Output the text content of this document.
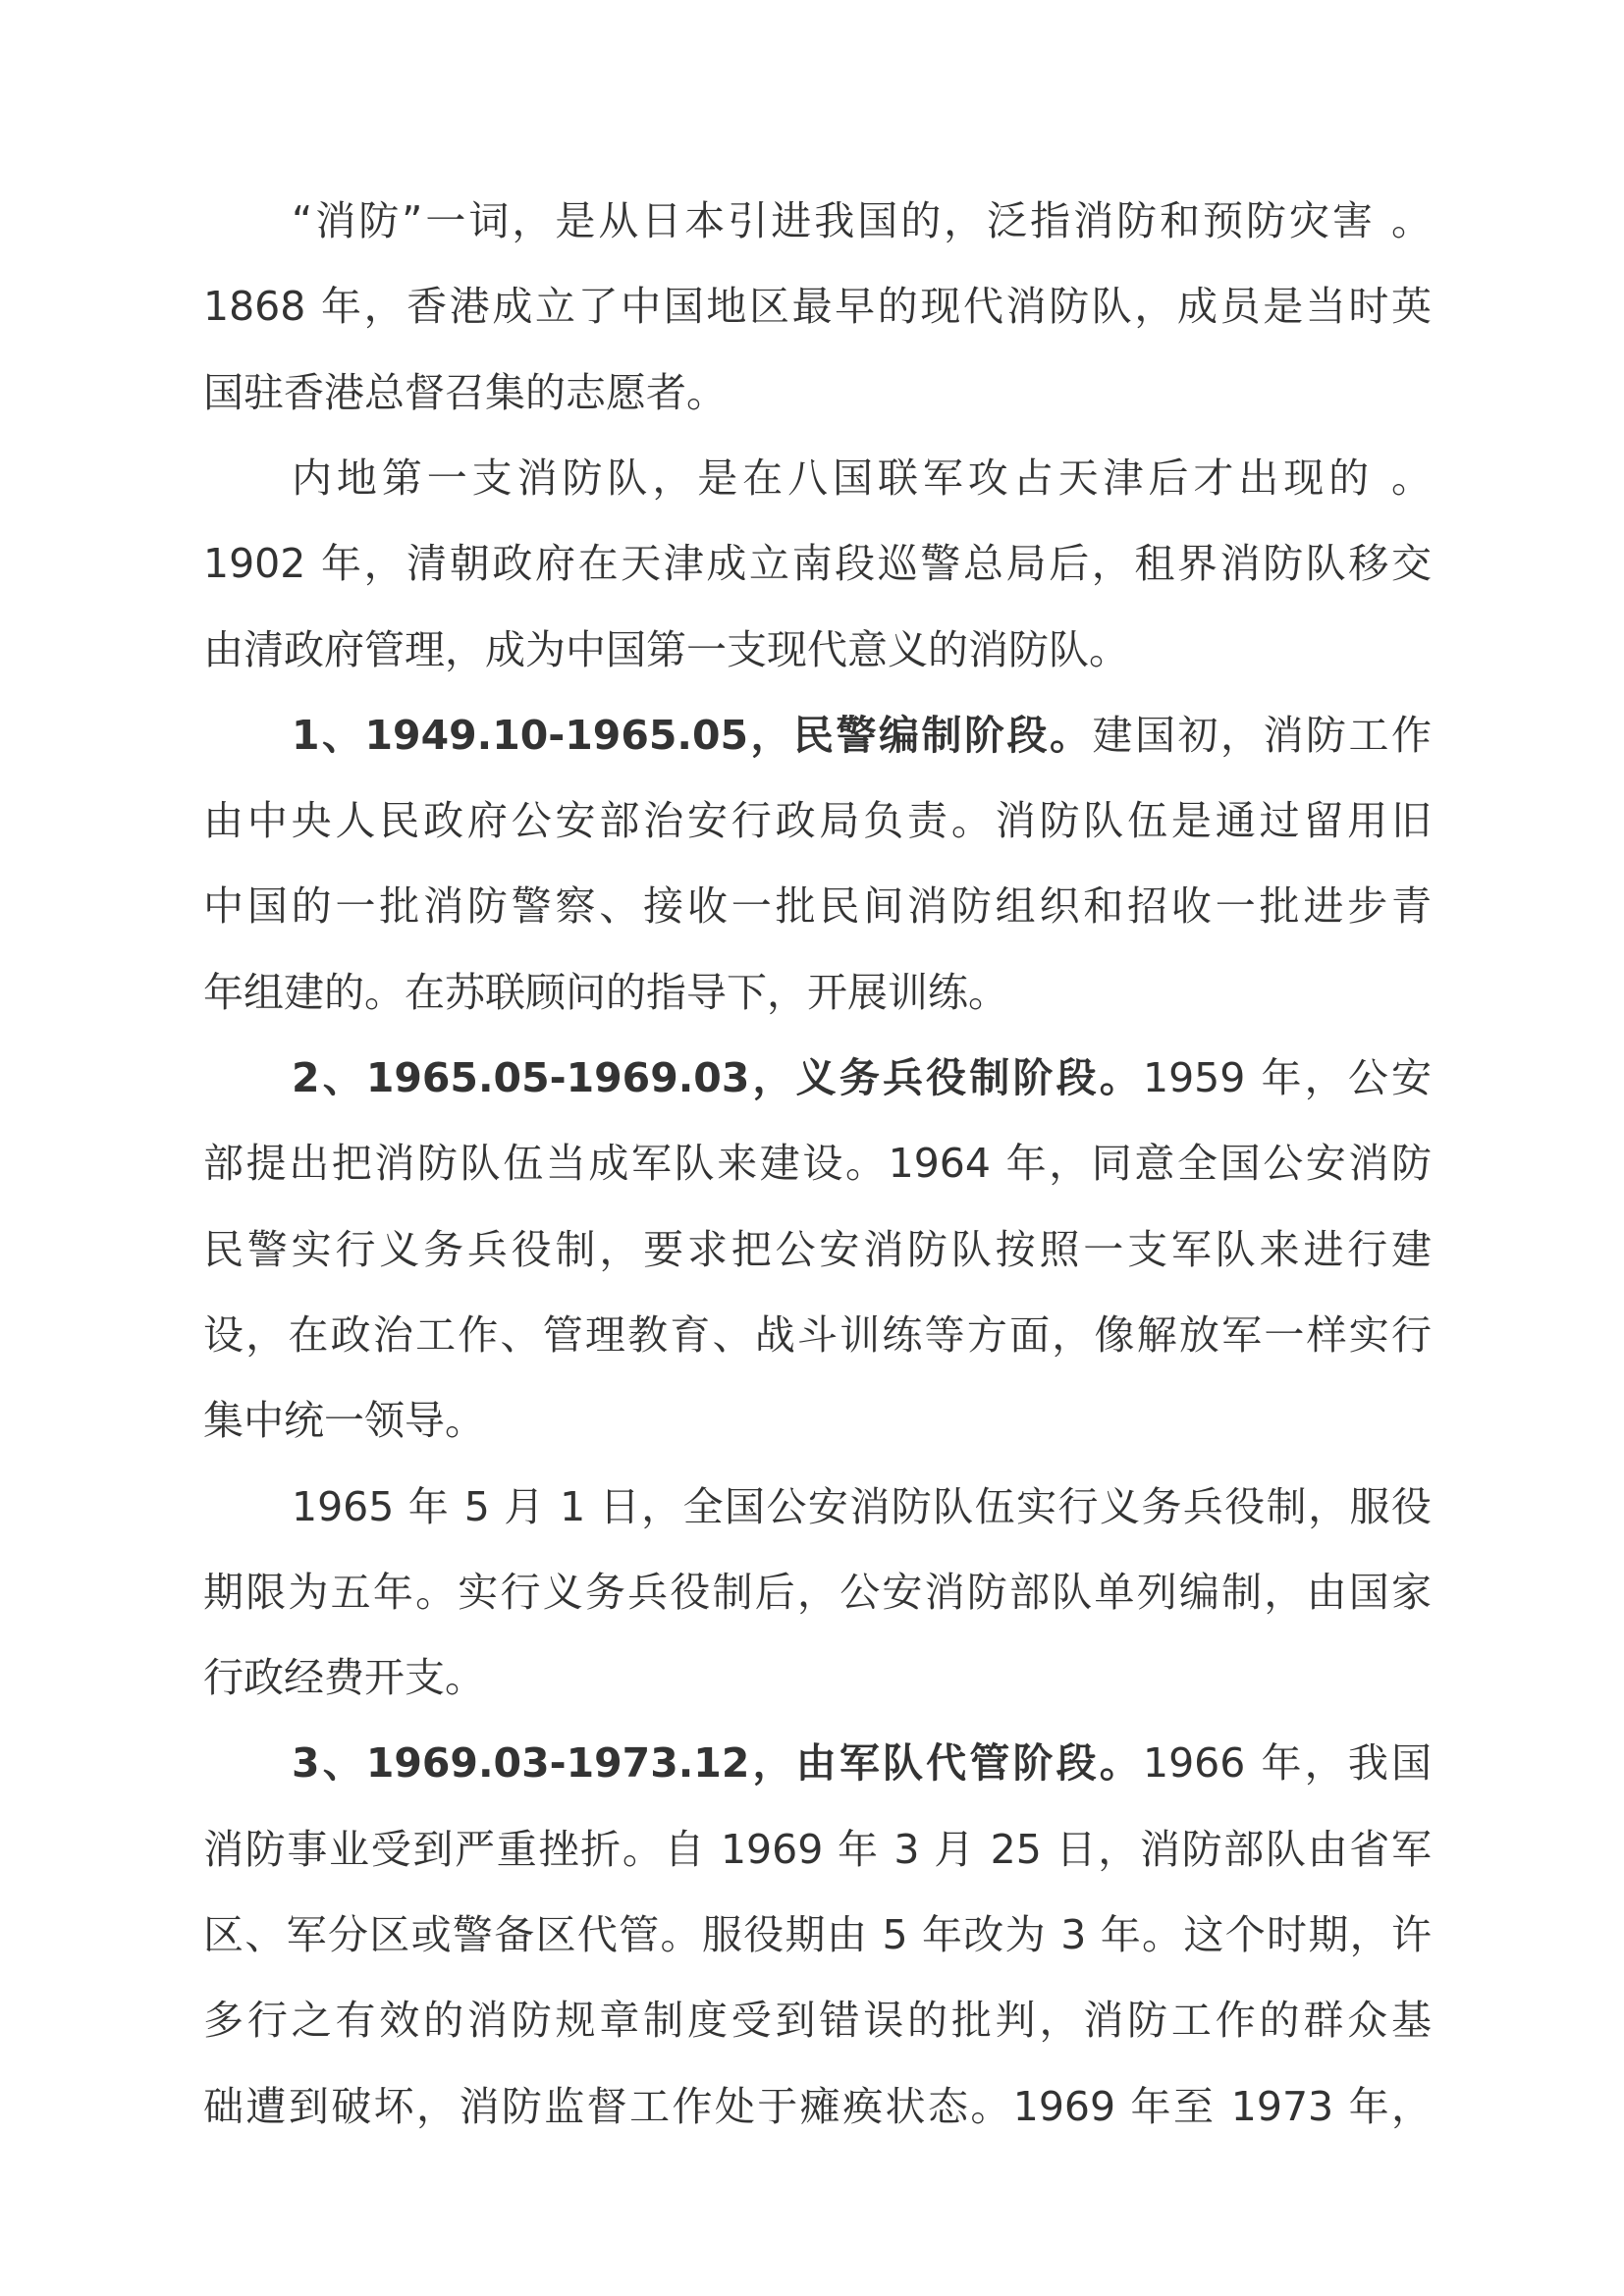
“消防”一词，是从日本引进我国的，泛指消防和预防灾害 。
1868 年，香港成立了中国地区最早的现代消防队，成员是当时英
国驻香港总督召集的志愿者。
内地第一支消防队，是在八国联军攻占天津后才出现的 。
1902 年，清朝政府在天津成立南段巡警总局后，租界消防队移交
由清政府管理，成为中国第一支现代意义的消防队。
1、1949.10-1965.05，民警编制阶段。建国初，消防工作
由中央人民政府公安部治安行政局负责。消防队伍是通过留用旧
中国的一批消防警察、接收一批民间消防组织和招收一批进步青
年组建的。在苏联顾问的指导下，开展训练。
2、1965.05-1969.03，义务兵役制阶段。1959 年，公安
部提出把消防队伍当成军队来建设。1964 年，同意全国公安消防
民警实行义务兵役制，要求把公安消防队按照一支军队来进行建
设，在政治工作、管理教育、战斗训练等方面，像解放军一样实行
集中统一领导。
1965 年 5 月 1 日，全国公安消防队伍实行义务兵役制，服役
期限为五年。实行义务兵役制后，公安消防部队单列编制，由国家
行政经费开支。
3、1969.03-1973.12，由军队代管阶段。1966 年，我国
消防事业受到严重挫折。自 1969 年 3 月 25 日，消防部队由省军
区、军分区或警备区代管。服役期由 5 年改为 3 年。这个时期，许
多行之有效的消防规章制度受到错误的批判，消防工作的群众基
础遭到破坏，消防监督工作处于瘫痪状态。1969 年至 1973 年，
